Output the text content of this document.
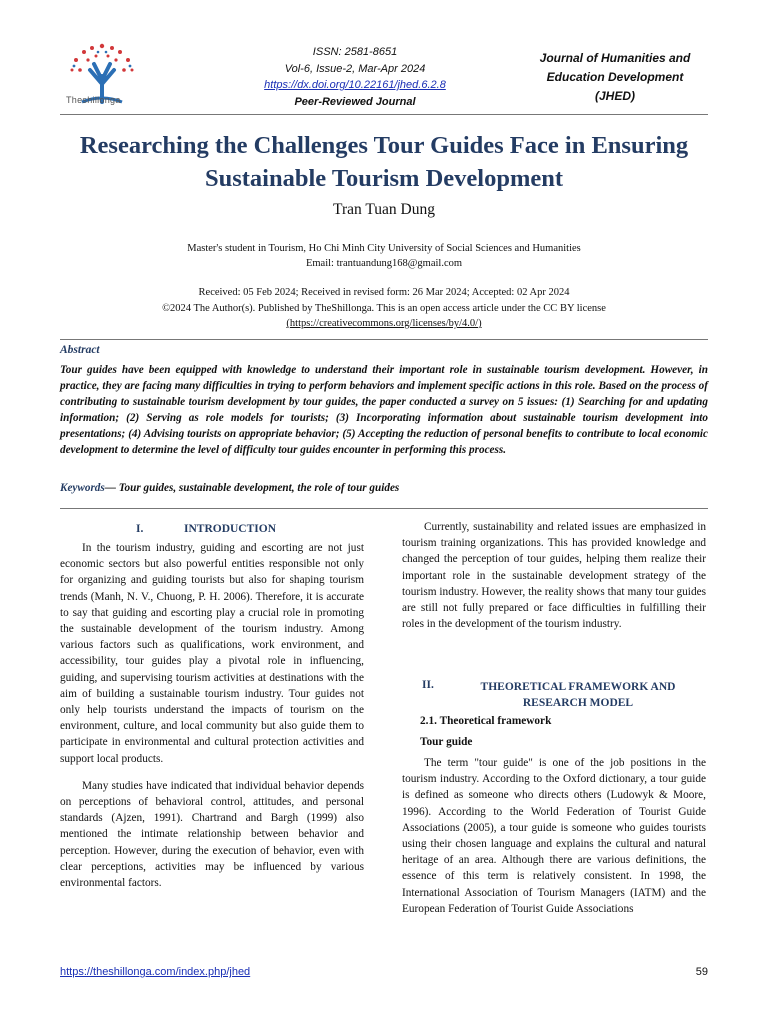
Theshillonga
ISSN: 2581-8651
Vol-6, Issue-2, Mar-Apr 2024
https://dx.doi.org/10.22161/jhed.6.2.8
Peer-Reviewed Journal
Journal of Humanities and
Education Development
(JHED)
Researching the Challenges Tour Guides Face in Ensuring
Sustainable Tourism Development
Tran Tuan Dung
Master's student in Tourism, Ho Chi Minh City University of Social Sciences and Humanities
Email: trantuandung168@gmail.com
Received: 05 Feb 2024; Received in revised form: 26 Mar 2024; Accepted: 02 Apr 2024
©2024 The Author(s). Published by TheShillonga. This is an open access article under the CC BY license
(https://creativecommons.org/licenses/by/4.0/)
Abstract
Tour guides have been equipped with knowledge to understand their important role in sustainable tourism development. However, in practice, they are facing many difficulties in trying to perform behaviors and implement specific actions in this role. Based on the process of contributing to sustainable tourism development by tour guides, the paper conducted a survey on 5 issues: (1) Searching for and updating information; (2) Serving as role models for tourists; (3) Incorporating information about sustainable tourism development into presentations; (4) Advising tourists on appropriate behavior; (5) Accepting the reduction of personal benefits to contribute to local economic development to determine the level of difficulty tour guides encounter in performing this process.
Keywords— Tour guides, sustainable development, the role of tour guides
I.	INTRODUCTION

In the tourism industry, guiding and escorting are not just economic sectors but also powerful entities responsible not only for organizing and guiding tourists but also for shaping tourism trends (Manh, N. V., Chuong, P. H. 2006). Therefore, it is accurate to say that guiding and escorting play a crucial role in promoting the sustainable development of the tourism industry. Among various factors such as qualifications, work environment, and accessibility, tour guides play a pivotal role in influencing, guiding, and supervising tourism activities at destinations with the aim of building a sustainable tourism industry. Tour guides not only help tourists understand the impacts of tourism on the environment, culture, and local community but also guide them to participate in environmental and cultural protection activities and support local products.

Many studies have indicated that individual behavior depends on perceptions of behavioral control, attitudes, and personal standards (Ajzen, 1991). Chartrand and Bargh (1999) also mentioned the intimate relationship between behavior and perception. However, during the execution of behavior, even with clear perceptions, activities may be influenced by various environmental factors.

Currently, sustainability and related issues are emphasized in tourism training organizations. This has provided knowledge and changed the perception of tour guides, helping them realize their important role in the sustainable development strategy of the tourism industry. However, the reality shows that many tour guides are still not fully prepared or face difficulties in fulfilling their roles in the development of the tourism industry.

II.	THEORETICAL FRAMEWORK AND
RESEARCH MODEL
2.1. Theoretical framework
Tour guide

The term "tour guide" is one of the job positions in the tourism industry. According to the Oxford dictionary, a tour guide is defined as someone who directs others (Ludowyk & Moore, 1996). According to the World Federation of Tourist Guide Associations (2005), a tour guide is someone who guides tourists using their chosen language and explains the cultural and natural heritage of an area. Although there are various definitions, the essence of this term is relatively consistent. In 1998, the International Association of Tourism Managers (IATM) and the European Federation of Tourist Guide Associations

https://theshillonga.com/index.php/jhed	59
